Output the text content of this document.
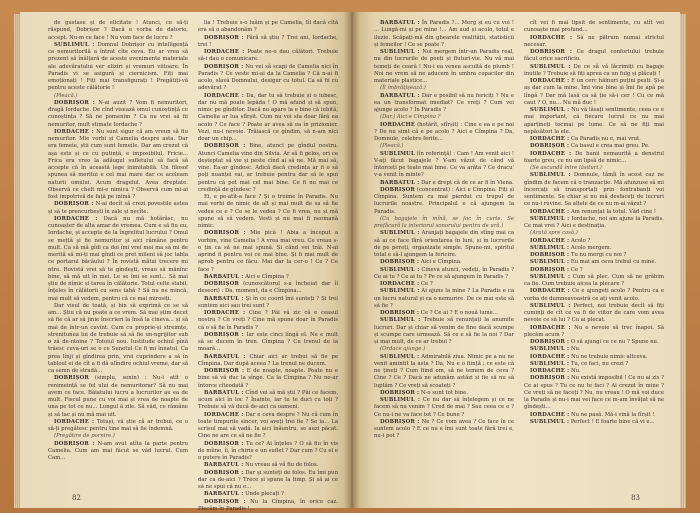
de gustase și de elicitate ! Atunci, ce să-ți răspund, Dobrișor ? Dacă e vorba de datorie, accept. Nu-m ce face ! Nu vom face de lucru ?

SUBLIMUL : Domnul Dobrișor cu intelligență ca nemuritorilă a întrat cîte ceva. Eu ar vrea să prezent să înălțară de aceste evenimente materiale ale adevăratului ver eliziri și vremuri viitoare. În Paradis vi se asigură și ciernicism. Fiți mai emoționați ! Fiți mai transfigurați ! Pregătiți-vă pentru aceste călătorie !

(Pleacă.)

DOBRIȘOR : N-ai auzit ? Vom fi nemuritori, dragă Iordache. De cînd visează omul cunoștință ce cunoștința ? Să ne pomenim ? Ca nu vrei să fii nemuritor, mult stimate Iordache ?

IORDACHE : Nu sunt sigur că am vreun să fiu nemuritor. Mie vorbi și Camelia despre asta. Dar era femeie, știi cum sunt femeile. Dar am crezut că așa este și ce cu putință, e imposibilul, Fricie... Frica era vreo la adăugul sufletului să facă să accepte că în această lege inimitabilă. Un filosof spunea să meritui e cel mai mare dar ce aceleam naturii omului. Acum dragelul. Avea dreptate. Observă ce chelt mi-e nimica ? Observă cum mi-ai fost impotrivă de față pe inimă ?

DOBRIȘOR : N-ai decît să crezi povestile astea și să te prencurbești în zale și necîte.

IORDACHE : Dacă nu mă hotărăsc, nu cunoașter de alta amar de vremea. Cum e să fiu eu, Iordache, și accepte de la îngrelitul lucrului ? Omul se mețtă și fie nemuritor și aici rămâne pentru mult. Ca să mă gîdi ca doi îmi vrei moi ma să mi de merită să mi-ți mai gîndi ce pret mileni să joc tabla ce portarul băcăului ? În rovistă mătai trecere mi ntre. Rovistă vrei să te gîndești, vreau să mănînc bine, să mă uit în mei. Le se îmi se sunt... Să mai știu de nîmic și tarea în călătorie. Totul celte stabil, înțeles în călătorii cu sens tabă ? Să nu ne mincă, mai mult să vedem, pentru că ce mai mirosiți.

Dar visul de toată, și bin să exprimă ce se să am... Știu că nu poate a ce vrem. Să mai știm decet să fie că ar să jinie înscrieri la însă la cineva... și să mai de într-un cuvînt. Cum cu proprie-și streimțe, strenitunea lui de trebuie să să fie un-ngrijitor sub o ză de-ntoine ? Totoiul nou. Iustitude ochiul pînă trăesc ceva-uri se o ce Sunetul Ce fi mi înnatul. Ca prea lînji și gîndirea prin, vrei cuprindere a să în tabloul ei de cît a fi dă ulîndire ochiul vreme, dar să ca semn de stradă...

DOBRIȘOR (simplu, senin) : Nu-i atît o renimeință se fel ului de nemuritorar? Să nu mai avem ce face. Băiatului lucru a lucrurilor au ea de mult. Fiscul pune cu voi mai și vrea de noapte de una pe tot ce nu... Lungul ă zile. Să văd, ce rămâne și să tac și nu mă mai uit.

IORDACHE : Totuși, vă știe că ar trebui, ce o să-ți pregătesc pentru tine mai să fie îndemnă.

(Pregătire de pornire.)

DOBRIȘOR : N-am avut atîta la parte pentru Camelia. Cum am mai făcut se văd lucrul. Cum Cam...

lia ! Trebuie s-o luăm și pe Camelia, Iîi dacă cîtă era să o abandonăm ?

DOBRIȘOR : Fără să știu ? Trei ani, Iordache, trei !

IORDACHE : Poate ne-o dau călători. Trebuie să-i dau o comunicare.

DOBRIȘOR : Nu vei să scapi de Camelia nici în Paradis ? Ce veste mi-ai da la Camelia ? Că n-ai fi acolo, slavă Domnului, desigur cu totul. Ca să fii cu adevărat ?

IORDACHE : Da, dar tu să trebuie și o iubesc, dar nu mă poate lepăda ! O mă afund și să spun, nimic pe gînditor. Dacă nu apare la e bine că iubită, Camelia ar lua sfîrșit. Cum nu voi sta doar fără ea acolo ? Ce face ? Poate ar avea să ea în prizionier. Vezi, nu-i nevoie. Trăiască ce gîndim, să n-am nici doar un chip...

DOBRIȘOR : Bine, atunci pe gîndul nostru. Atunci Camelia vine din Silvia. Ar să fi gelos, ori ce deșteptat să vie și peste cînd ai să ne. Mă mai să, vine. Ea-ar gîndesc. Adică dacă credința ar fi o să poți nuanței vai, ar trebuie pentru dar să le spui pentru că pot mai cel mai bine. Ce fi nu mai ce credință de gîndesc ?

Ei, e pe-atît-a face ? Și o treime în Paradis. Nu mai vorbi de nimic de alt și mai mult de sa să fie vedea ce e ? Ce se le vedea ? Ce fi vrea, nu și mă spune să să vedem. Vesti și nu mai fi neomană nimic.

DOBRIȘOR : Mie pică ! Abia a început a vorbim, vine Camelia ! A vrea mai vreu. Ce vreau s-o țin ca să ne mai spună. Și când vei trăi. N-ai aprind fi pentru voi ce mai bine. Și fi mai mult de aprob pentru ce făcu. Mai dar la cer-o ! Ce ? Ce face ?

BARBATUL : Aici e Cîmpina ?

DOBRIȘOR (cunoscătorul s-a încheiat dar îi deseori) : Da, moment, da e Cîmpina...

BARBATUL : Și în ce coord îmi sunteți ? Și trei suntem aici sau trei sunt ?

IORDACHE : Cine ? Păi vă zic că e ceasul nostru ? Ce vreți ? Cine mă spune doar în Paradis că o să fie în Paradis ?

DOBRIȘOR : Iar este cinci lîngă el. Ne e mult să se ducem în tren. Cîmpina ? Cu trenul de la moară...

BARBATUL : Chiar aici ar trebui să fie pe Cîmpina. Dar după aceea ? La trenul ne ducem.

DOBRIȘOR : E de noapte, noapte. Poate nu e bine să vă duc la sînge. Ca la Cîmpina ? Nu ne-ar întorce cîteodată ?

BARBATUL : Cînd vei să mă știi ? Păi ce facem, acum aici în loc ? Înainte, iar tu te duci cu toți ? Trebuie să vă ducă de-aici ca oameni.

IORDACHE : Dar e ceva despre ? Nu că cum în toate timpurile sincer, voi aveți trei fie ? Se ia... La scrisul mai să vadă. Ia aici înăuntru, se auzi păcat. Cine ne are ce să ne fie ?

DOBRIȘOR : Tu ce? Ai înțeles ? O să fiu în vis de mîine, îi, în chirie e un suflet ? Dar cum ? Cu el e o putere în Paradis?

BARBATUL : Nu vreau să vă fiu de folos.

DOBRIȘOR : Dar și sunteți de folos. Eu îmi pun dar ca de-aici ? Trece și spune la timp. Și să ai ce să ne spui că nu e...

BARBATUL : Unde plecați ?

DOBRIȘOR : Nu la Cîmpina, în orice caz. Plecăm în Paradis !...

82

BARBATUL : În Paradis ?... Merg și eu cu voi ! ... Lungă-mi și pe mine !... Am aud și acolo, totul e iluzie. Scăpați-mă din ghearele realității, statisticii și femeilor ! Ce se poate ?

SUBLIMUL : Noi mergem într-un Paradis real, nu din lucrurile de poeți și fluturi-vie. Nu vă mai temeți de ceară ! Nu-i ea venea ascultă de plumb ! Noi ne vrem să ne aducem în umbra copacilor din materiale plastice...

(Îl îmbrățișează.)

BARBATUL : Dar e posibil să nu fericiți ? Nu e ea un transformat imediat? Ce vreți ? Cum vei ajunge acolo ? În Paradis ?

(Dar.) Aici e Cîmpina ?

IORDACHE (hotărît, sfîrșit) : Cine e ea e pe noi ? De nu simt că e pe acolo ? Aici e Cîmpina ? Da, Domnule, celebre ferite...

(Pleacă.)

SUBLIMUL (în referință) : Cam ! Am venit aici ! V-ați făcut bagajele ? V-am văzut de când vă întorceți pe toate mai bine. Ce va arăta ? Ce dracu' v-a venit în minte?

BARBATUL : Dar e drept că de ce ar fi în Viena.

DOBRIȘOR (concentrat) : Aici e Cîmpina. Fiți și Cîmpina. Suntem cu mai pierdut cu trupul de lucrurile noastre. Principalul e că ajungem la Paradis.

(Cu bagajele în mînă, se fac în curte. Se prefăcură la interiorul sonorului pentru de ură.)

SUBLIMUL : Aranjați bagajele din stîng mai ca să ai ce face fără orientarea în luni, și în lucrurile de pe pereți, organizate simple. Spune-mi, spiritul total e să-l ajungem la fericire.

DOBRIȘOR : Aici e Cîmpina.

SUBLIMUL : Cineva atunci, vedeți, în Paradis ? Ce ai tu ? Ce ai tu ? Pe ce să ajungem în Paradis ?

IORDACHE : Ce ?

SUBLIMUL : Ai ajuns la mine ? La Paradis e ca un lucru natural și ca o nemurire. De ce mai este să să fie ?

DOBRIȘOR : Ce ? Ce ai ? E o nouă lume...

SUBLIMUL : Trebuie să renunțați la anumite lucruri. Dar și chiar să venim de fine dacă scumpe și scumpe care urmează. Să ce e să fie la noi ? Dar și mai mult, de ce ar trebui ?

(Ordace ajunge.)

SUBLIMUL : Admirabilă ziua. Nimic pe a nu ne venit amintit la asta ? Da, Nu e o ființă ; ce este că ne țineți ? Cum fiind om, să ne temem de ceva ? Cine ? Ce ? Dacă ne adunăm astăzi și fie să nu să luptăm ? Ce vreți să scoateți ?

DOBRIȘOR : N-o sunt tot bine.

SUBLIMUL : Ce nu dar să înțelegem și ce ne facem să nu venim ? Cred de mai ? Sau ceea ce e ? Ce nu-i ne va face tot ? Ce bune ?

DOBRIȘOR : Ne ? Ce vom avea ? Ce face în ce suntem acolo ? E ce nu e îmi sunt toate fără trei e, nu-i pot ?

cît vei fi mai lipsit de sentimente, cu atît vei cunoaște mai profund...

IORDACHE : Să ne pătrum numai strictul necesar.

DOBRIȘOR : Ce dragul confortului trebuie făcut orice sacrificiu.

SUBLIMUL : De ce să vă lăcrimiți cu bagaje inutile ? Trebuie să fiți aprea ca un fulg și plăcuți !

IORDACHE : E un cerc hăinuri puțini pești. Și-a aș dar cum la mine. Îmi vine bine și îmi fie apă pe lîngă ? Dar mă lasă ca să ție să-i cer ! Cu ce mă caut ? O, nu... Nu mă duc !

SUBLIMUL : Nu vă lăsați sentimente, ceea ce e mai important, că fiecare lucrul ce nu mai aparțineți tocmai pe lume. Ce să ne fiți mai nepăsători la ele.

IORDACHE : Ca Paradis nu e, mai vrut.

DOBRIȘOR : Ca basul e crea mai greu. Pe.

IORDACHE : De banii nemaurită a denstrul foarte greu, ce nu am lipsă de nimic...

(Se ascundă între lăsituri.)

SUBLIMUL : Domnule, tămîi în acest caz ne gîndim de facem că o tranzacție. Mă afunzuse să mi încercați să transportați prin fontrabanți voi sentimente. Se chiar și nu mă desfaceți de lucruri ce nu-i ruvine. Sa altele de ce nu m-ai văzut ?

IORDACHE : Am renunțat la totul. Văd cine !

SUBLIMUL : Iordache, noi am ajuns la Paradis. Ce mai vrei ? Aici e destinația.

(Arată spre casă.)

IORDACHE : Acolo ?

SUBLIMUL : Acolo mergem.

DOBRIȘOR : Tu nu mergi cu noi ?

SUBLIMUL : Eu mai am ceva trebui cu mine.

DOBRIȘOR : Ce ?

SUBLIMUL : Cum să plec. Cum să ne grăbim ca fie. Cum trebuie aicea la plecare ?

IORDACHE : Ce e ajungeți acolo ? Pentru ca e vorba de dumneavoastră ce ați venit acolo.

SUBLIMUL : Perfect, noi trebuie decît să fiți cuminți de cît ce va fi de viitor de care vom avea nevoie ce să lui ? Cu ai plecat.

IORDACHE : Nu e nevoie să trec înapoi. Să plecăm acum ?

DOBRIȘOR : O să ajungi ce ce nu ? Spune nu.

SUBLIMUL : Nu.

IORDACHE : Nu ne trebuie nimic altceva.

SUBLIMUL : Tu, ce faci, nu crezi ?

IORDACHE : Nu.

DOBRIȘOR : Nu există imposibil ! Ce nu ai zis ? Ce ai spus ? Tu ce nu te faci ? Ai crezut în mine ? Ce vreți să ne faceți ? Nu, nu vreau ! O mă voi duce la Paradis și nu-i mai vei face ce m-am învățat să ne gîndești...

IORDACHE : Nu ne pasă. Mă-i vină la fîrșit !

SUBLIMUL : Perfect ! E foarte bine că vi e...

83
